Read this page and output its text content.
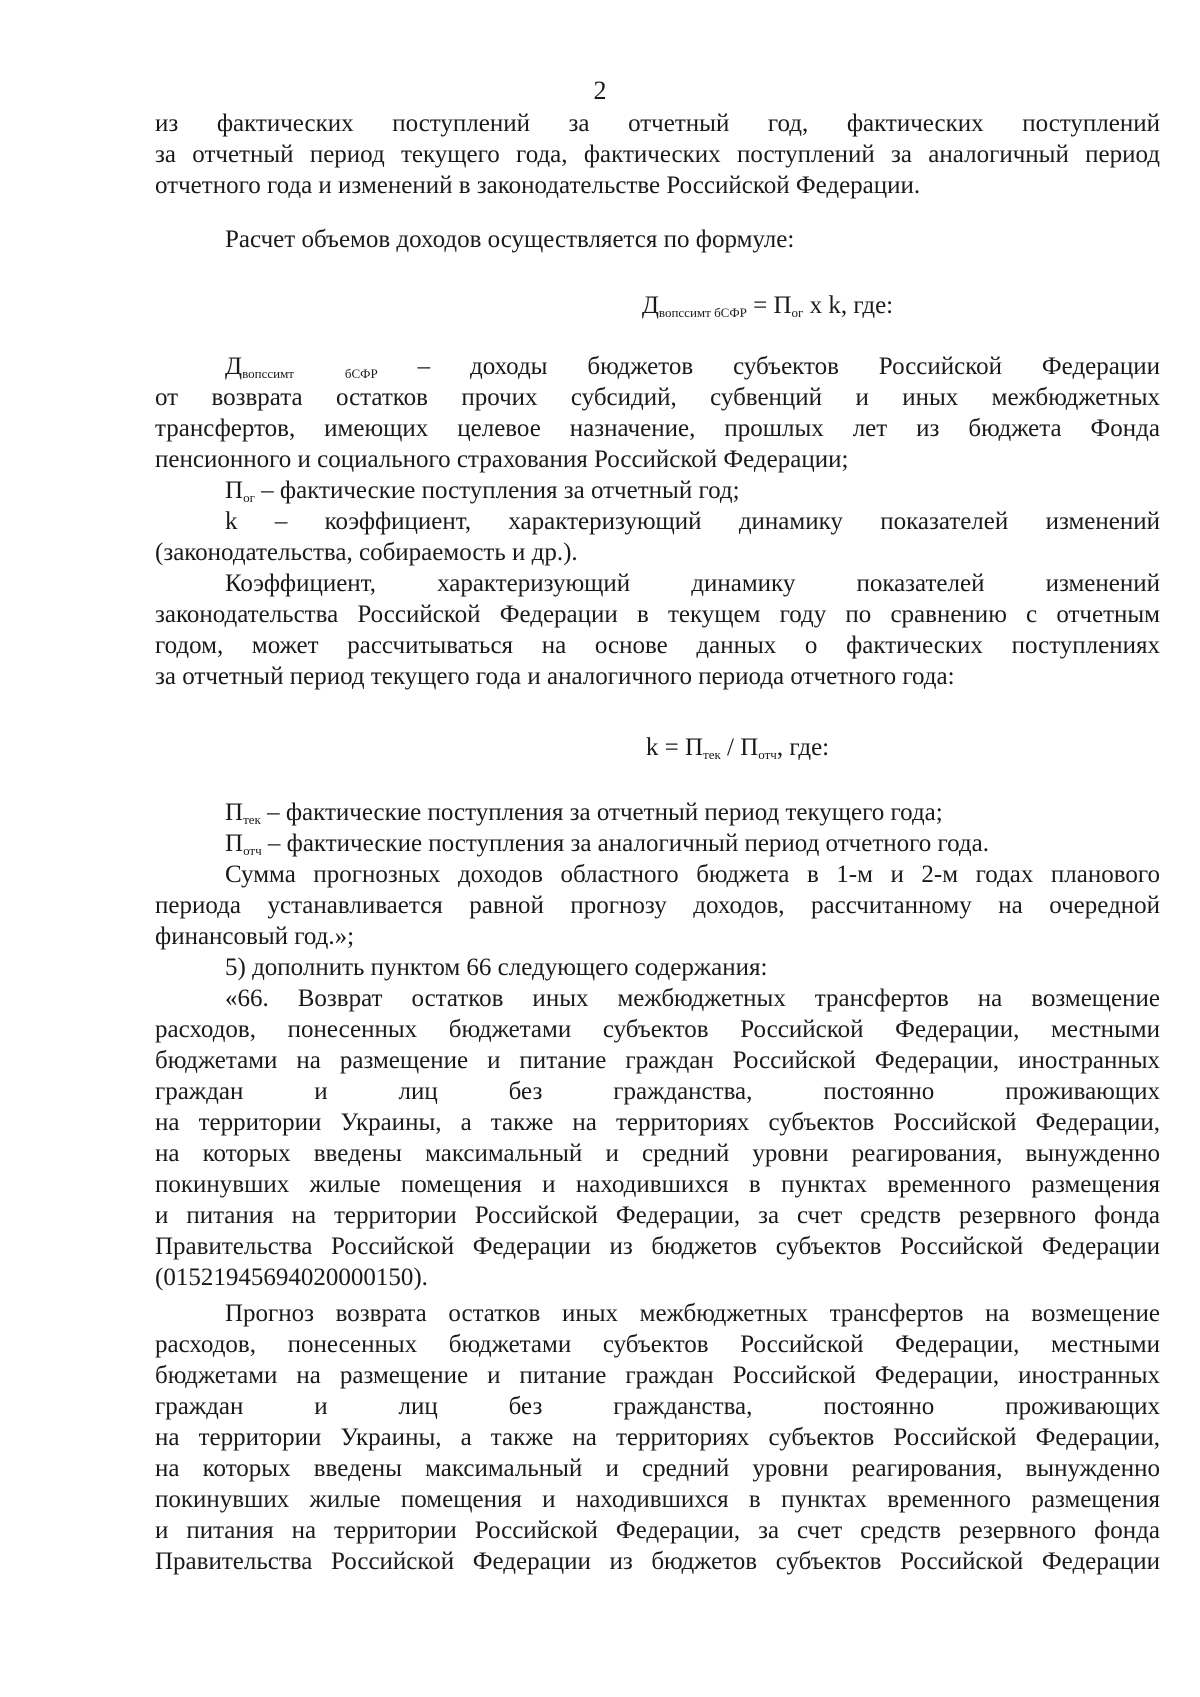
2
из фактических поступлений за отчетный год, фактических поступлений
за отчетный период текущего года, фактических поступлений за аналогичный период
отчетного года и изменений в законодательстве Российской Федерации.
Расчет объемов доходов осуществляется по формуле:
$Д_{вопссимт бСФР} = П_{ог}$ x k, где:
$Д_{вопссимт бСФР}$ – доходы бюджетов субъектов Российской Федерации
от возврата остатков прочих субсидий, субвенций и иных межбюджетных
трансфертов, имеющих целевое назначение, прошлых лет из бюджета Фонда
пенсионного и социального страхования Российской Федерации;
$П_{ог}$ – фактические поступления за отчетный год;
k – коэффициент, характеризующий динамику показателей изменений
(законодательства, собираемость и др.).
Коэффициент, характеризующий динамику показателей изменений
законодательства Российской Федерации в текущем году по сравнению с отчетным
годом, может рассчитываться на основе данных о фактических поступлениях
за отчетный период текущего года и аналогичного периода отчетного года:
$k = П_{тек} / П_{отч}$, где:
$П_{тек}$ – фактические поступления за отчетный период текущего года;
$П_{отч}$ – фактические поступления за аналогичный период отчетного года.
Сумма прогнозных доходов областного бюджета в 1-м и 2-м годах планового
периода устанавливается равной прогнозу доходов, рассчитанному на очередной
финансовый год.»;
5) дополнить пунктом 66 следующего содержания:
«66. Возврат остатков иных межбюджетных трансфертов на возмещение
расходов, понесенных бюджетами субъектов Российской Федерации, местными
бюджетами на размещение и питание граждан Российской Федерации, иностранных
граждан и лиц без гражданства, постоянно проживающих
на территории Украины, а также на территориях субъектов Российской Федерации,
на которых введены максимальный и средний уровни реагирования, вынужденно
покинувших жилые помещения и находившихся в пунктах временного размещения
и питания на территории Российской Федерации, за счет средств резервного фонда
Правительства Российской Федерации из бюджетов субъектов Российской Федерации
(01521945694020000150).
Прогноз возврата остатков иных межбюджетных трансфертов на возмещение
расходов, понесенных бюджетами субъектов Российской Федерации, местными
бюджетами на размещение и питание граждан Российской Федерации, иностранных
граждан и лиц без гражданства, постоянно проживающих
на территории Украины, а также на территориях субъектов Российской Федерации,
на которых введены максимальный и средний уровни реагирования, вынужденно
покинувших жилые помещения и находившихся в пунктах временного размещения
и питания на территории Российской Федерации, за счет средств резервного фонда
Правительства Российской Федерации из бюджетов субъектов Российской Федерации
